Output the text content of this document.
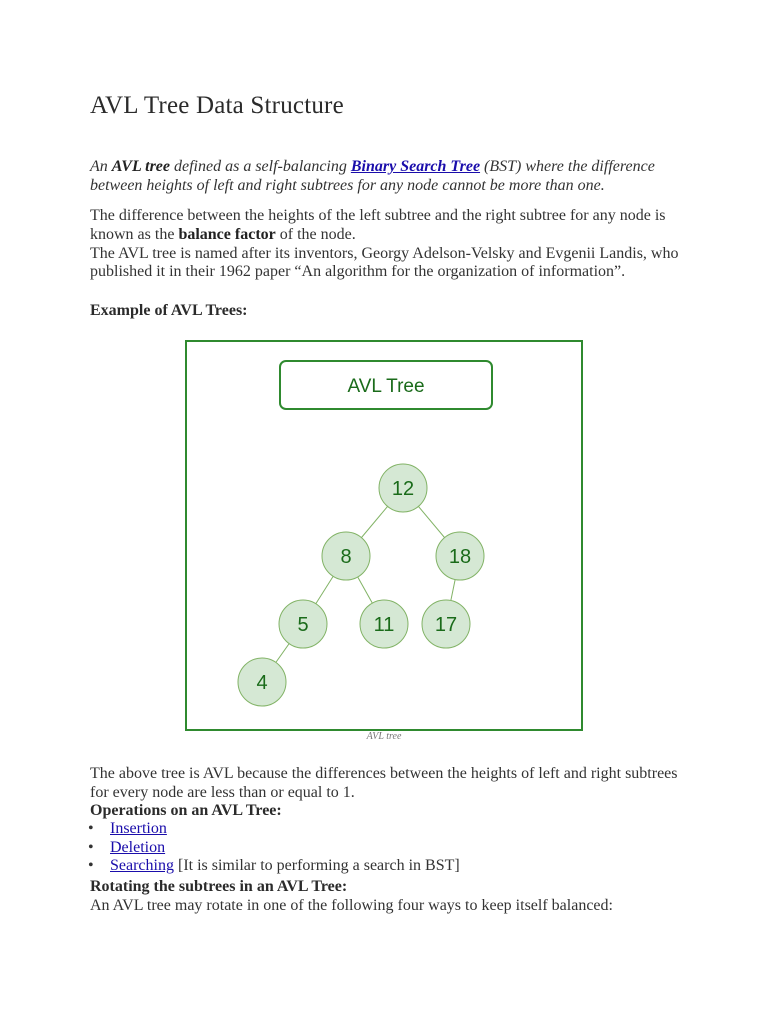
AVL Tree Data Structure

An AVL tree defined as a self-balancing Binary Search Tree (BST) where the difference between heights of left and right subtrees for any node cannot be more than one.

The difference between the heights of the left subtree and the right subtree for any node is known as the balance factor of the node.
The AVL tree is named after its inventors, Georgy Adelson-Velsky and Evgenii Landis, who published it in their 1962 paper “An algorithm for the organization of information”.

Example of AVL Trees:

AVL Tree
12
8	18
5	11 17
4
AVL tree

The above tree is AVL because the differences between the heights of left and right subtrees for every node are less than or equal to 1.

Operations on an AVL Tree:

• Insertion
• Deletion
• Searching [It is similar to performing a search in BST]

Rotating the subtrees in an AVL Tree:

An AVL tree may rotate in one of the following four ways to keep itself balanced:
